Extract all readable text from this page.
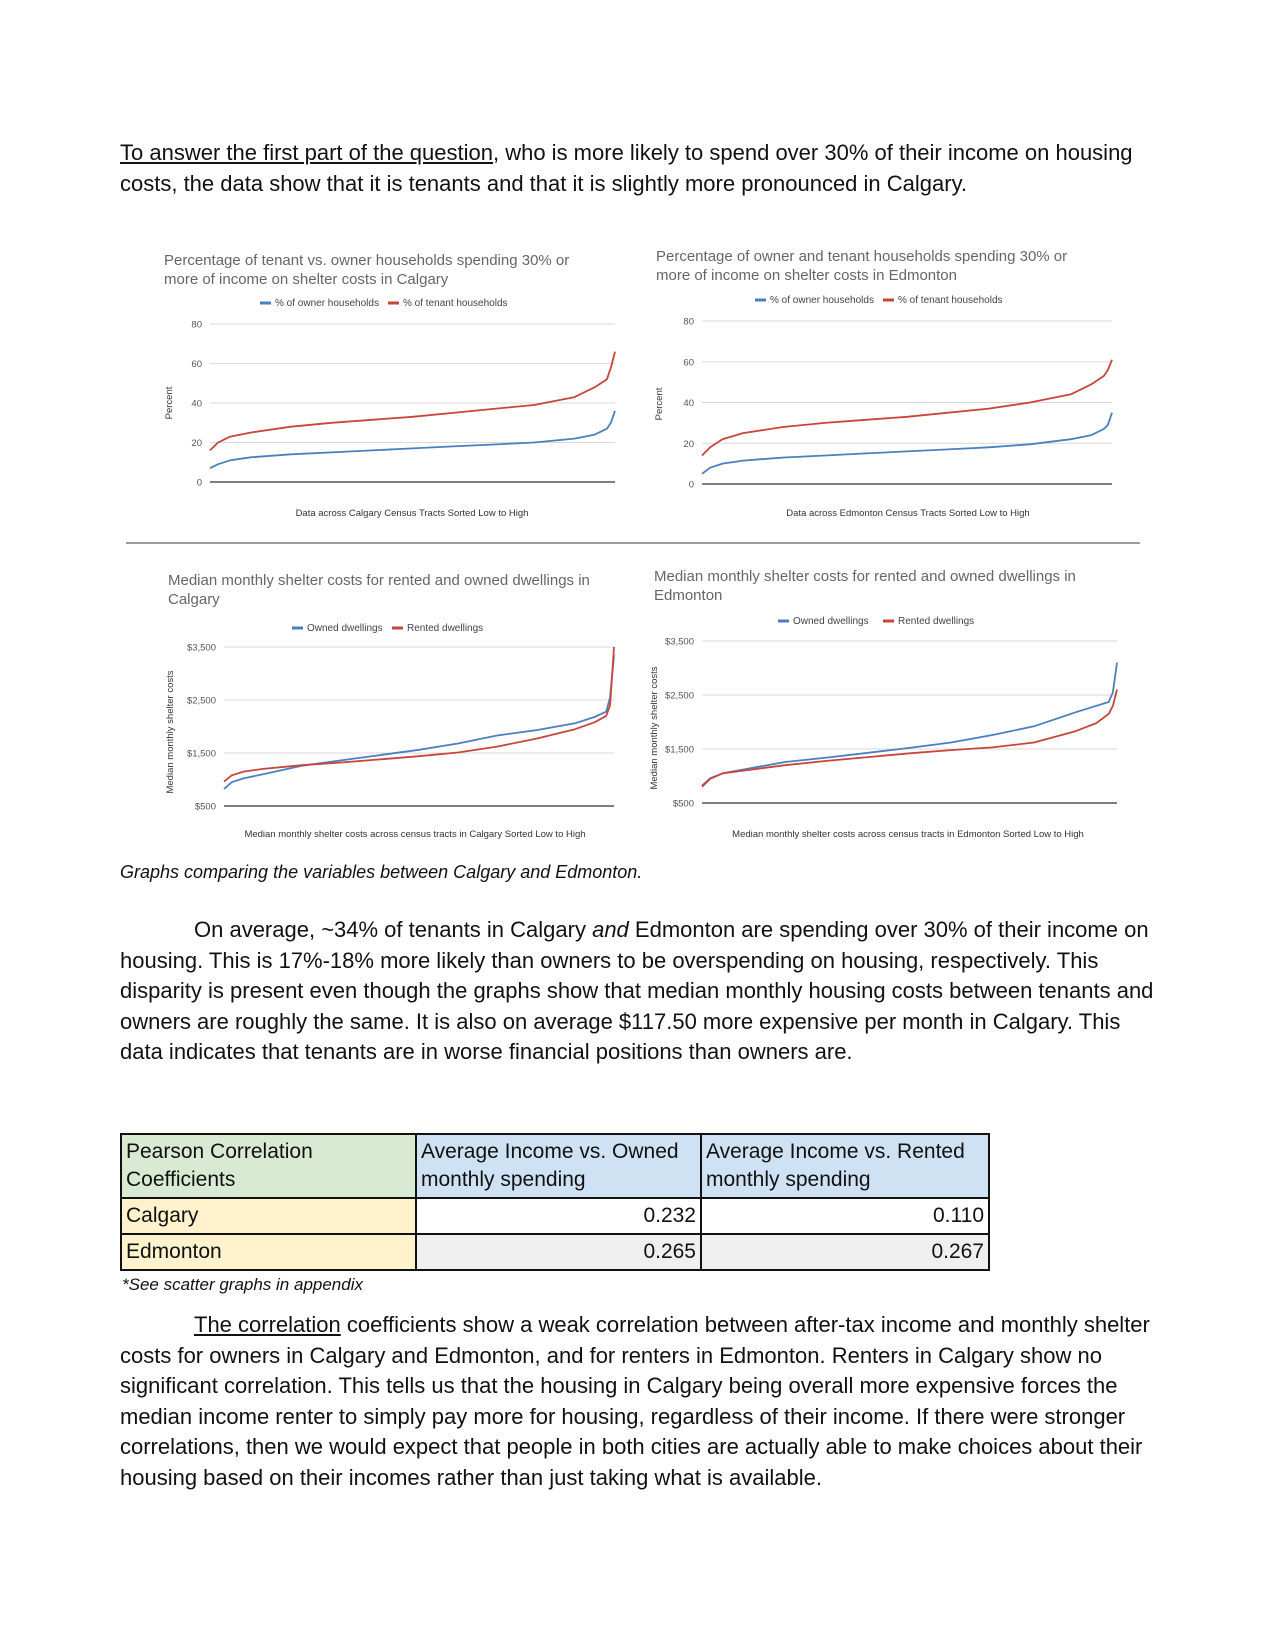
To answer the first part of the question, who is more likely to spend over 30% of their income on housing costs, the data show that it is tenants and that it is slightly more pronounced in Calgary.

Percentage of tenant vs. owner households spending 30% or
more of income on shelter costs in Calgary
% of owner households % of tenant households
Percent
Data across Calgary Census Tracts Sorted Low to High
0
20
40
60
80
Percentage of owner and tenant households spending 30% or
more of income on shelter costs in Edmonton
% of owner households % of tenant households
Percent
Data across Edmonton Census Tracts Sorted Low to High
0
20
40
60
80
Median monthly shelter costs for rented and owned dwellings in
Calgary
Owned dwellings Rented dwellings
Median monthly shelter costs
Median monthly shelter costs across census tracts in Calgary Sorted Low to High
$500
$1,500
$2,500
$3,500
Median monthly shelter costs for rented and owned dwellings in
Edmonton
Owned dwellings	Rented dwellings
Median monthly shelter costs
Median monthly shelter costs across census tracts in Edmonton Sorted Low to High
$500
$1,500
$2,500
$3,500
Graphs comparing the variables between Calgary and Edmonton.

On average, ~34% of tenants in Calgary and Edmonton are spending over 30% of their income on housing. This is 17%-18% more likely than owners to be overspending on housing, respectively. This disparity is present even though the graphs show that median monthly housing costs between tenants and owners are roughly the same. It is also on average $117.50 more expensive per month in Calgary. This data indicates that tenants are in worse financial positions than owners are.

Pearson Correlation Coefficients	Average Income vs. Owned monthly spending	Average Income vs. Rented monthly spending
Calgary	0.232	0.110
Edmonton	0.265	0.267
*See scatter graphs in appendix

The correlation coefficients show a weak correlation between after-tax income and monthly shelter costs for owners in Calgary and Edmonton, and for renters in Edmonton. Renters in Calgary show no significant correlation. This tells us that the housing in Calgary being overall more expensive forces the median income renter to simply pay more for housing, regardless of their income. If there were stronger correlations, then we would expect that people in both cities are actually able to make choices about their housing based on their incomes rather than just taking what is available.
